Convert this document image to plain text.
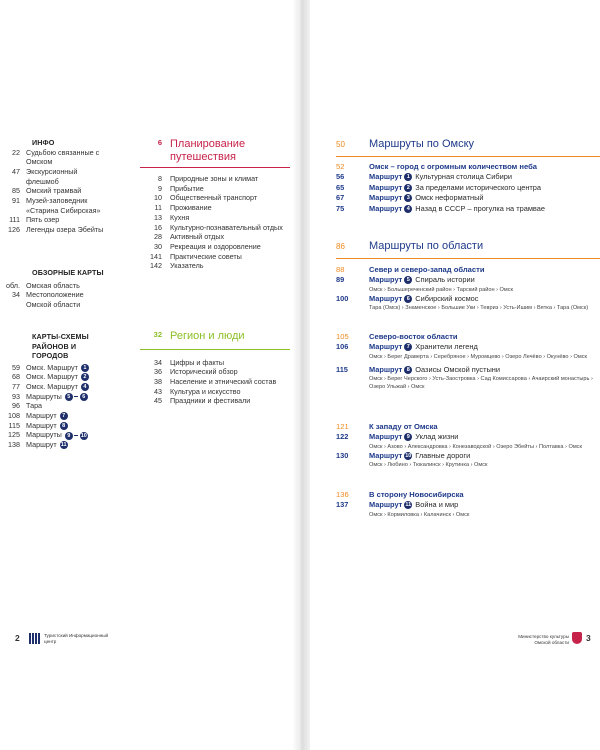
ИНФО
22 Судьбою связанные с Омском
47 Экскурсионный флешмоб
85 Омский трамвай
91 Музей-заповедник «Старина Сибирская»
111 Пять озер
126 Легенды озера Эбейты
ОБЗОРНЫЕ КАРТЫ
обл. Омская область
34 Местоположение Омской области
КАРТЫ-СХЕМЫ РАЙОНОВ И ГОРОДОВ
59 Омск. Маршрут 1
68 Омск. Маршрут 2
77 Омск. Маршрут 4
93 Маршруты 5 6
96 Тара
108 Маршрут 7
115 Маршрут 8
125 Маршруты 9 10
138 Маршрут 11
6 Планирование путешествия
8	Природные зоны и климат
9	Прибытие
10	Общественный транспорт
11	Проживание
13	Кухня
16	Культурно-познавательный отдых
28	Активный отдых
30	Рекреация и оздоровление
141	Практические советы
142	Указатель
32 Регион и люди
34	Цифры и факты
36	Исторический обзор
38	Население и этнический состав
43	Культура и искусство
45	Праздники и фестивали
2	Туристский Информационный центр
50	Маршруты по Омску
52	Омск – город с огромным количеством неба
56	Маршрут 1 Культурная столица Сибири
65	Маршрут 2 За пределами исторического центра
67	Маршрут 3 Омск неформатный
75	Маршрут 4 Назад в СССР – прогулка на трамвае
86	Маршруты по области
88	Север и северо-запад области
89	Маршрут 5 Спираль истории
Омск › Большереченский район › Тарский район › Омск
100	Маршрут 6 Сибирский космос
Тара (Омск) › Знаменское › Большие Уки › Тевриз › Усть-Ишим › Вятка › Тара (Омск)
105	Северо-восток области
106	Маршрут 7 Хранители легенд
Омск › Берег Дравертa › Серебряное › Муромцево › Озеро Лечёво › Окунёво › Омск
115	Маршрут 8 Оазисы Омской пустыни
Омск › Берег Черского › Усть-Заостровка › Сад Комиссарова › Ачаирский монастырь › Озеро Ульжай › Омск
121	К западу от Омска
122	Маршрут 9 Уклад жизни
Омск › Азово › Александровка › Конезаводской › Озеро Эбейты › Полтавка › Омск
130	Маршрут 10 Главные дороги
Омск › Любино › Тюкалинск › Крутинка › Омск
136	В сторону Новосибирска
137	Маршрут 11 Война и мир
Омск › Кормиловка › Калачинск › Омск
Министерство культуры Омской области 3
